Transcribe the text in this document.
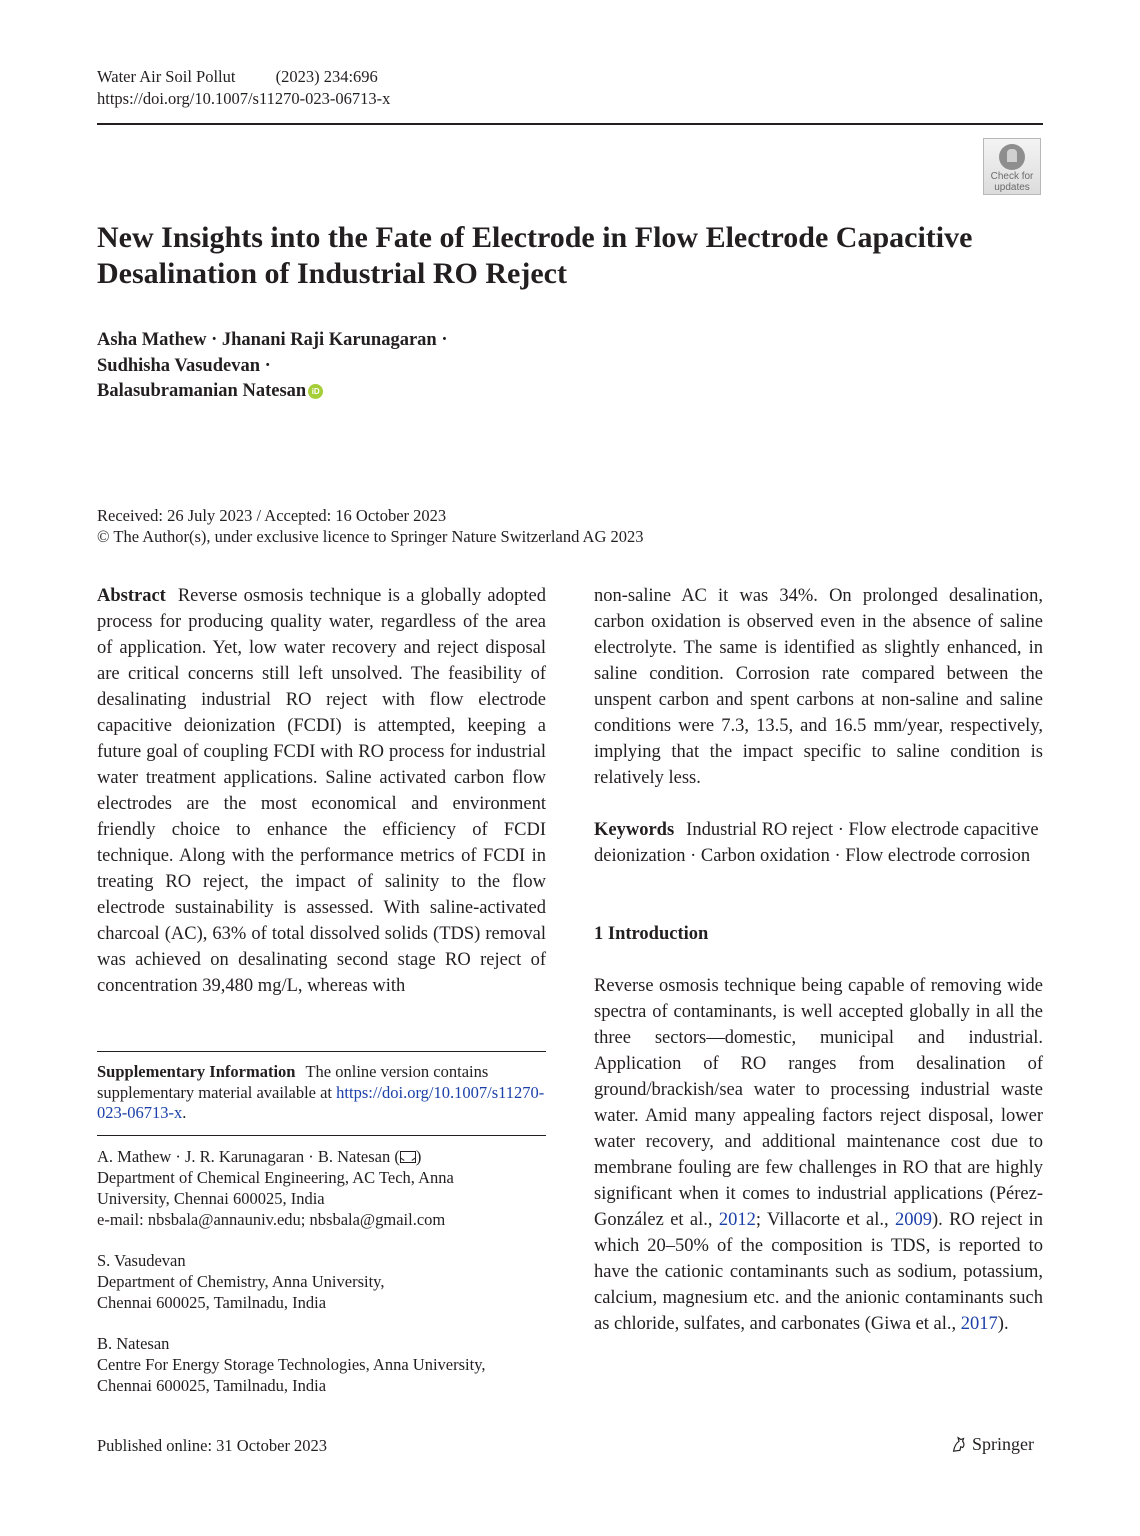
Water Air Soil Pollut (2023) 234:696
https://doi.org/10.1007/s11270-023-06713-x
Check for
updates
New Insights into the Fate of Electrode in Flow Electrode Capacitive Desalination of Industrial RO Reject
Asha Mathew · Jhanani Raji Karunagaran ·
Sudhisha Vasudevan ·
Balasubramanian Natesan iD
Received: 26 July 2023 / Accepted: 16 October 2023
© The Author(s), under exclusive licence to Springer Nature Switzerland AG 2023

Abstract Reverse osmosis technique is a globally adopted process for producing quality water, regardless of the area of application. Yet, low water recovery and reject disposal are critical concerns still left unsolved. The feasibility of desalinating industrial RO reject with flow electrode capacitive deionization (FCDI) is attempted, keeping a future goal of coupling FCDI with RO process for industrial water treatment applications. Saline activated carbon flow electrodes are the most economical and environment friendly choice to enhance the efficiency of FCDI technique. Along with the performance metrics of FCDI in treating RO reject, the impact of salinity to the flow electrode sustainability is assessed. With saline-activated charcoal (AC), 63% of total dissolved solids (TDS) removal was achieved on desalinating second stage RO reject of concentration 39,480 mg/L, whereas with

non-saline AC it was 34%. On prolonged desalination, carbon oxidation is observed even in the absence of saline electrolyte. The same is identified as slightly enhanced, in saline condition. Corrosion rate compared between the unspent carbon and spent carbons at non-saline and saline conditions were 7.3, 13.5, and 16.5 mm/year, respectively, implying that the impact specific to saline condition is relatively less.

Keywords Industrial RO reject · Flow electrode capacitive deionization · Carbon oxidation · Flow electrode corrosion

1 Introduction

Reverse osmosis technique being capable of removing wide spectra of contaminants, is well accepted globally in all the three sectors—domestic, municipal and industrial. Application of RO ranges from desalination of ground/brackish/sea water to processing industrial waste water. Amid many appealing factors reject disposal, lower water recovery, and additional maintenance cost due to membrane fouling are few challenges in RO that are highly significant when it comes to industrial applications (Pérez-González et al., 2012; Villacorte et al., 2009). RO reject in which 20–50% of the composition is TDS, is reported to have the cationic contaminants such as sodium, potassium, calcium, magnesium etc. and the anionic contaminants such as chloride, sulfates, and carbonates (Giwa et al., 2017).

Supplementary Information The online version contains supplementary material available at https://doi.org/10.1007/s11270-023-06713-x.
A. Mathew · J. R. Karunagaran · B. Natesan ( )
Department of Chemical Engineering, AC Tech, Anna
University, Chennai 600025, India
e-mail: nbsbala@annauniv.edu; nbsbala@gmail.com
S. Vasudevan
Department of Chemistry, Anna University,
Chennai 600025, Tamilnadu, India
B. Natesan
Centre For Energy Storage Technologies, Anna University,
Chennai 600025, Tamilnadu, India
Published online: 31 October 2023	Springer
